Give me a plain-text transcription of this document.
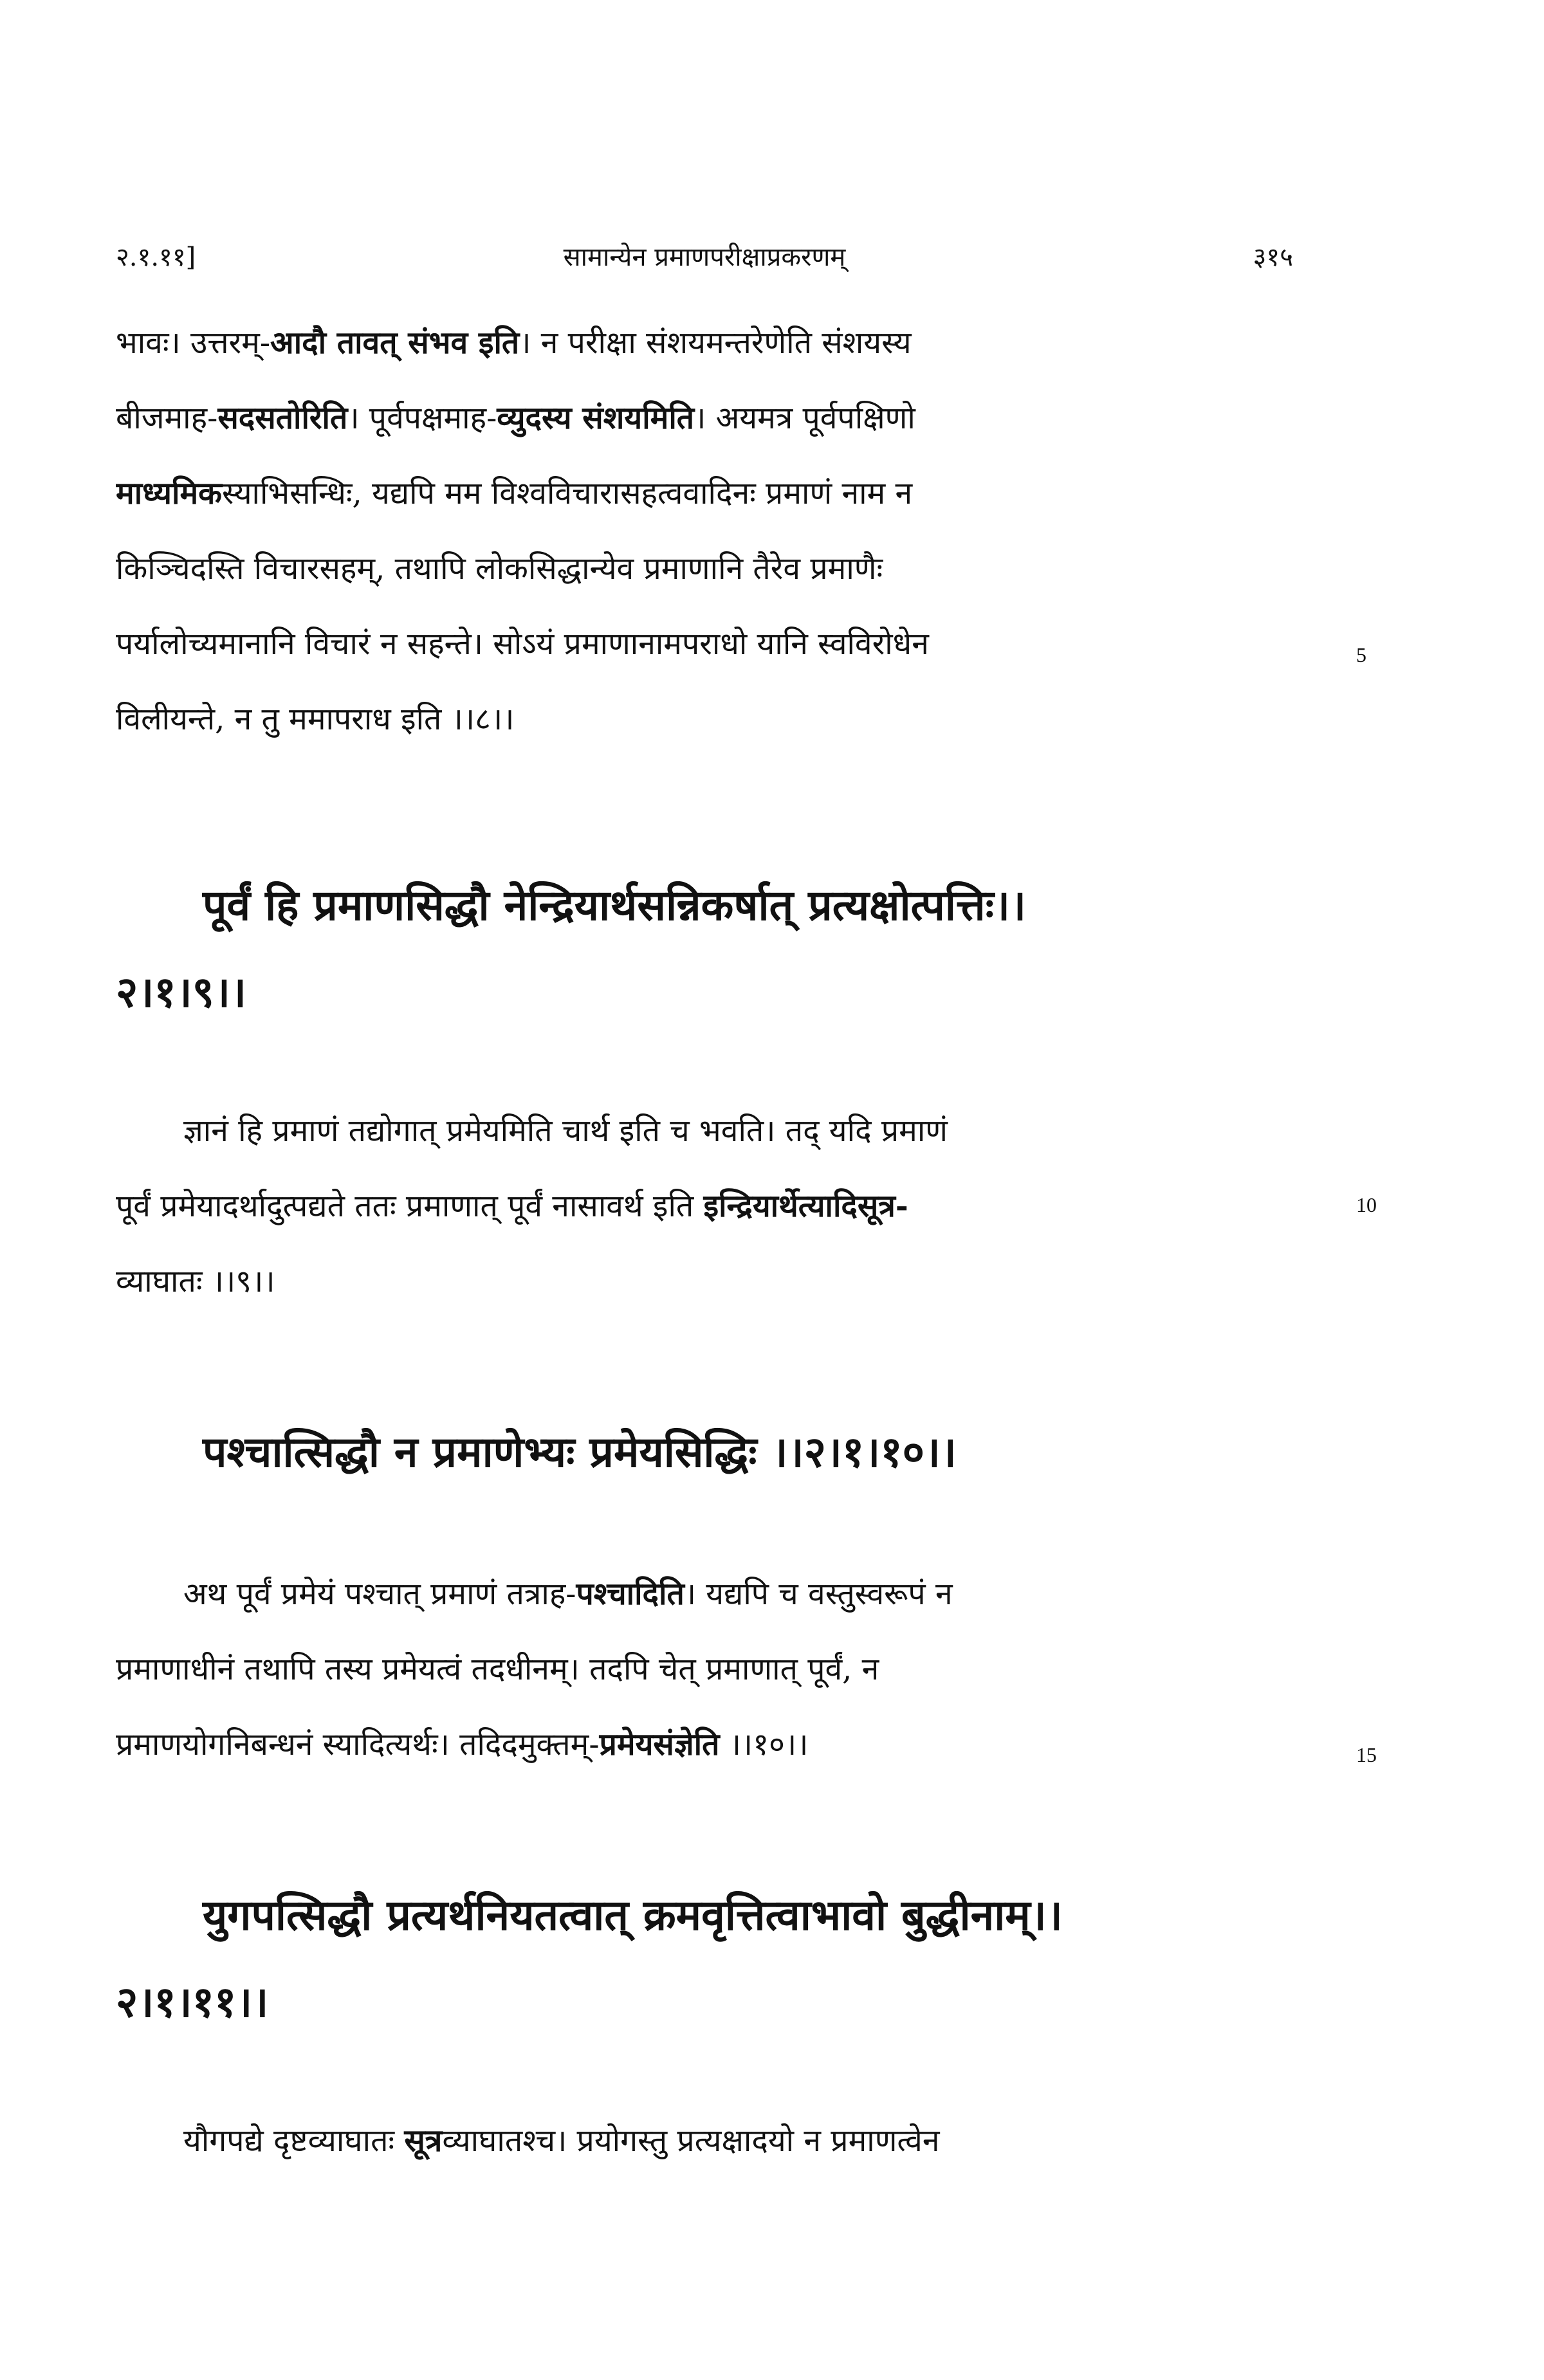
२.१.११]	सामान्येन प्रमाणपरीक्षाप्रकरणम्	३१५
भावः। उत्तरम्-आदौ तावत् संभव इति। न परीक्षा संशयमन्तरेणेति संशयस्य
बीजमाह-सदसतोरिति। पूर्वपक्षमाह-व्युदस्य संशयमिति। अयमत्र पूर्वपक्षिणो
माध्यमिकस्याभिसन्धिः, यद्यपि मम विश्वविचारासहत्ववादिनः प्रमाणं नाम न
किञ्चिदस्ति विचारसहम्, तथापि लोकसिद्धान्येव प्रमाणानि तैरेव प्रमाणैः
पर्यालोच्यमानानि विचारं न सहन्ते। सोऽयं प्रमाणानामपराधो यानि स्वविरोधेन
विलीयन्ते, न तु ममापराध इति ।।८।।
5
पूर्वं हि प्रमाणसिद्धौ नेन्द्रियार्थसन्निकर्षात् प्रत्यक्षोत्पत्तिः।।
२।१।९।।
ज्ञानं हि प्रमाणं तद्योगात् प्रमेयमिति चार्थ इति च भवति। तद् यदि प्रमाणं
पूर्वं प्रमेयादर्थादुत्पद्यते ततः प्रमाणात् पूर्वं नासावर्थ इति इन्द्रियार्थेत्यादिसूत्र-
व्याघातः ।।९।।
10
पश्चात्सिद्धौ न प्रमाणेभ्यः प्रमेयसिद्धिः ।।२।१।१०।।
अथ पूर्वं प्रमेयं पश्चात् प्रमाणं तत्राह-पश्चादिति। यद्यपि च वस्तुस्वरूपं न
प्रमाणाधीनं तथापि तस्य प्रमेयत्वं तदधीनम्। तदपि चेत् प्रमाणात् पूर्वं, न
प्रमाणयोगनिबन्धनं स्यादित्यर्थः। तदिदमुक्तम्-प्रमेयसंज्ञेति ।।१०।।	15
युगपत्सिद्धौ प्रत्यर्थनियतत्वात् क्रमवृत्तित्वाभावो बुद्धीनाम्।।
२।१।११।।
यौगपद्ये दृष्टव्याघातः सूत्रव्याघातश्च। प्रयोगस्तु प्रत्यक्षादयो न प्रमाणत्वेन
